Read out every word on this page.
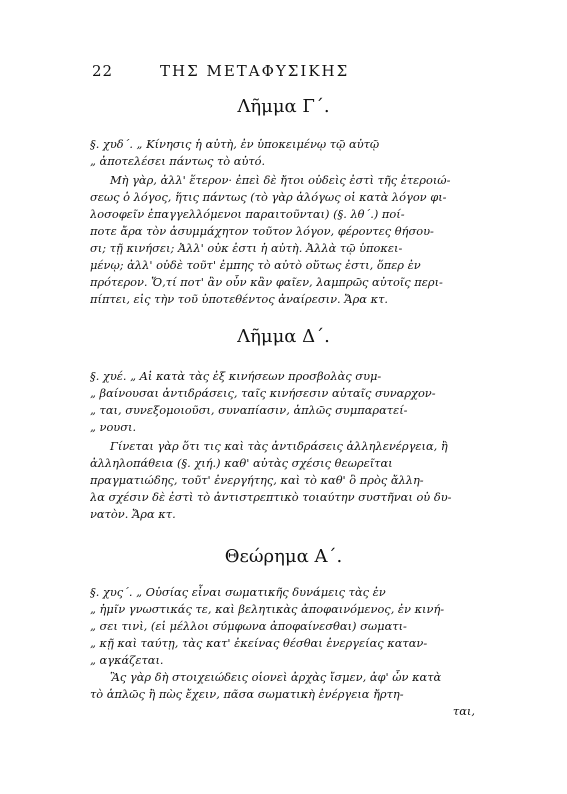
22	ΤΗΣ ΜΕΤΑΦΥΣΙΚΗΣ
Λῆμμα Γ΄.
§. χυδ΄. „ Κίνησις ἡ αὐτὴ, ἐν ὑποκειμένῳ τῷ αὐτῷ
„ ἀποτελέσει πάντως τὸ αὐτό.
Μὴ γὰρ, ἀλλ' ἕτερον· ἐπεὶ δὲ ἤτοι οὐδεὶς ἐστὶ τῆς ἑτεροιώ-
σεως ὁ λόγος, ἥτις πάντως (τὸ γὰρ ἀλόγως οἱ κατὰ λόγον φι-
λοσοφεῖν ἐπαγγελλόμενοι παραιτοῦνται) (§. λθ΄.) ποί-
ποτε ἄρα τὸν ἀσυμμάχητον τοῦτον λόγον, φέροντες θήσου-
σι; τῇ κινήσει; Ἀλλ' οὐκ ἐστι ἡ αὐτὴ. Ἀλλὰ τῷ ὑποκει-
μένῳ; ἀλλ' οὐδὲ τοῦτ' ἐμπης τὸ αὐτὸ οὕτως ἐστι, ὅπερ ἐν
πρότερον. Ὅ,τί ποτ' ἂν οὖν κἂν φαῖεν, λαμπρῶς αὐτοῖς περι-
πίπτει, εἰς τὴν τοῦ ὑποτεθέντος ἀναίρεσιν. Ἄρα κτ.
Λῆμμα Δ΄.
§. χυέ. „ Αἱ κατὰ τὰς ἐξ κινήσεων προσβολὰς συμ-
„ βαίνουσαι ἀντιδράσεις, ταῖς κινήσεσιν αὐταῖς συναρχον-
„ ται, συνεξομοιοῦσι, συναπίασιν, ἁπλῶς συμπαρατεί-
„ νουσι.
Γίνεται γὰρ ὅτι τις καὶ τὰς ἀντιδράσεις ἀλληλενέργεια, ἢ
ἀλληλοπάθεια (§. χιή.) καθ' αὐτὰς σχέσις θεωρεῖται
πραγματιώδης, τοῦτ' ἐνεργήτης, καὶ τὸ καθ' ὃ πρὸς ἄλλη-
λα σχέσιν δὲ ἐστὶ τὸ ἀντιστρεπτικὸ τοιαύτην συστῆναι οὐ δυ-
νατὸν. Ἄρα κτ.
Θεώρημα Α΄.
§. χυς΄. „ Οὐσίας εἶναι σωματικῆς δυνάμεις τὰς ἐν
„ ἡμῖν γνωστικάς τε, καὶ βελητικὰς ἀποφαινόμενος, ἐν κινή-
„ σει τινὶ, (εἰ μέλλοι σύμφωνα ἀποφαίνεσθαι) σωματι-
„ κῇ καὶ ταύτῃ, τὰς κατ' ἐκείνας θέσθαι ἐνεργείας καταν-
„ αγκάζεται.
Ἃς γὰρ δὴ στοιχειώδεις οἱονεὶ ἀρχὰς ἴσμεν, ἀφ' ὧν κατὰ
τὸ ἁπλῶς ἢ πὼς ἔχειν, πᾶσα σωματικὴ ἐνέργεια ἤρτη-
ται,
